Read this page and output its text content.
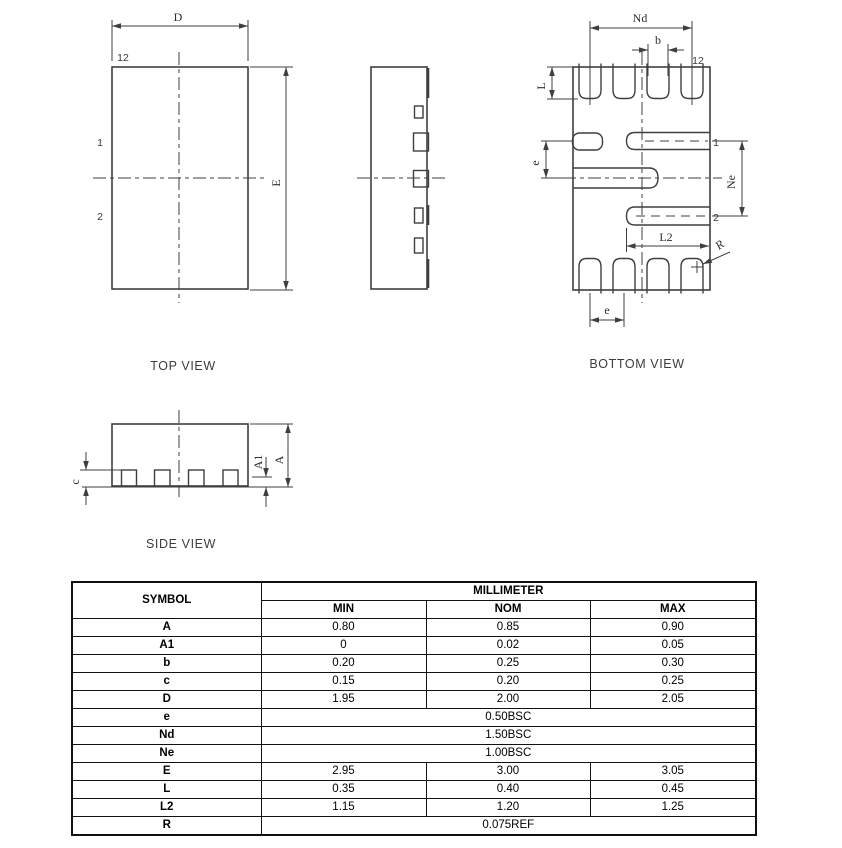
D
E
12
1
2
Nd
b
12
L
e
1
2
Ne
L2
R
e
c
A1 A
TOP VIEW	BOTTOM VIEW
SIDE VIEW
SYMBOL	MILLIMETER		
	MIN	NOM	MAX
A	0.80	0.85	0.90
A1	0	0.02	0.05
b	0.20	0.25	0.30
c	0.15	0.20	0.25
D	1.95	2.00	2.05
e	0.50BSC		
Nd	1.50BSC		
Ne	1.00BSC		
E	2.95	3.00	3.05
L	0.35	0.40	0.45
L2	1.15	1.20	1.25
R	0.075REF		
